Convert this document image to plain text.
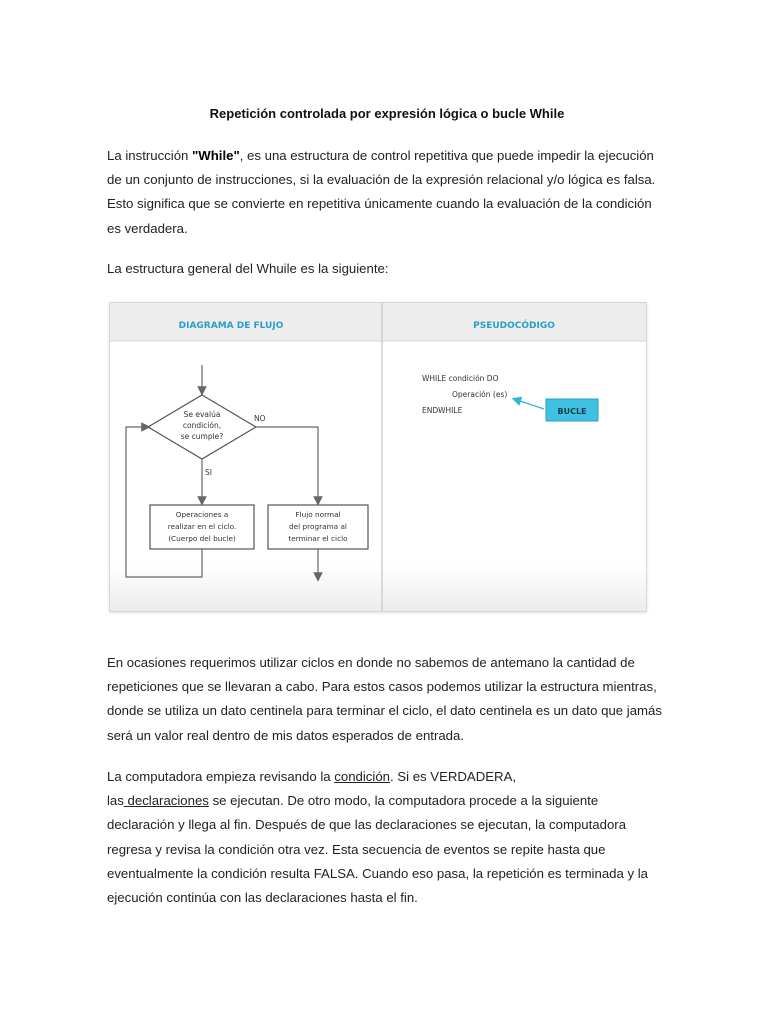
Repetición controlada por expresión lógica o bucle While
La instrucción "While", es una estructura de control repetitiva que puede impedir la ejecución de un conjunto de instrucciones, si la evaluación de la expresión relacional y/o lógica es falsa. Esto significa que se convierte en repetitiva únicamente cuando la evaluación de la condición es verdadera.
La estructura general del Whuile es la siguiente:
En ocasiones requerimos utilizar ciclos en donde no sabemos de antemano la cantidad de repeticiones que se llevaran a cabo. Para estos casos podemos utilizar la estructura mientras, donde se utiliza un dato centinela para terminar el ciclo, el dato centinela es un dato que jamás será un valor real dentro de mis datos esperados de entrada.
La computadora empieza revisando la condición. Si es VERDADERA,
las declaraciones se ejecutan. De otro modo, la computadora procede a la siguiente declaración y llega al fin. Después de que las declaraciones se ejecutan, la computadora regresa y revisa la condición otra vez. Esta secuencia de eventos se repite hasta que eventualmente la condición resulta FALSA. Cuando eso pasa, la repetición es terminada y la ejecución continúa con las declaraciones hasta el fin.
DIAGRAMA DE FLUJO	PSEUDOCÓDIGO
Se evalúa
condición,
se cumple?
NO
SI
Operaciones a
realizar en el ciclo.
(Cuerpo del bucle)
Flujo normal
del programa al
terminar el ciclo
WHILE condición DO
Operación (es)
ENDWHILE	BUCLE
